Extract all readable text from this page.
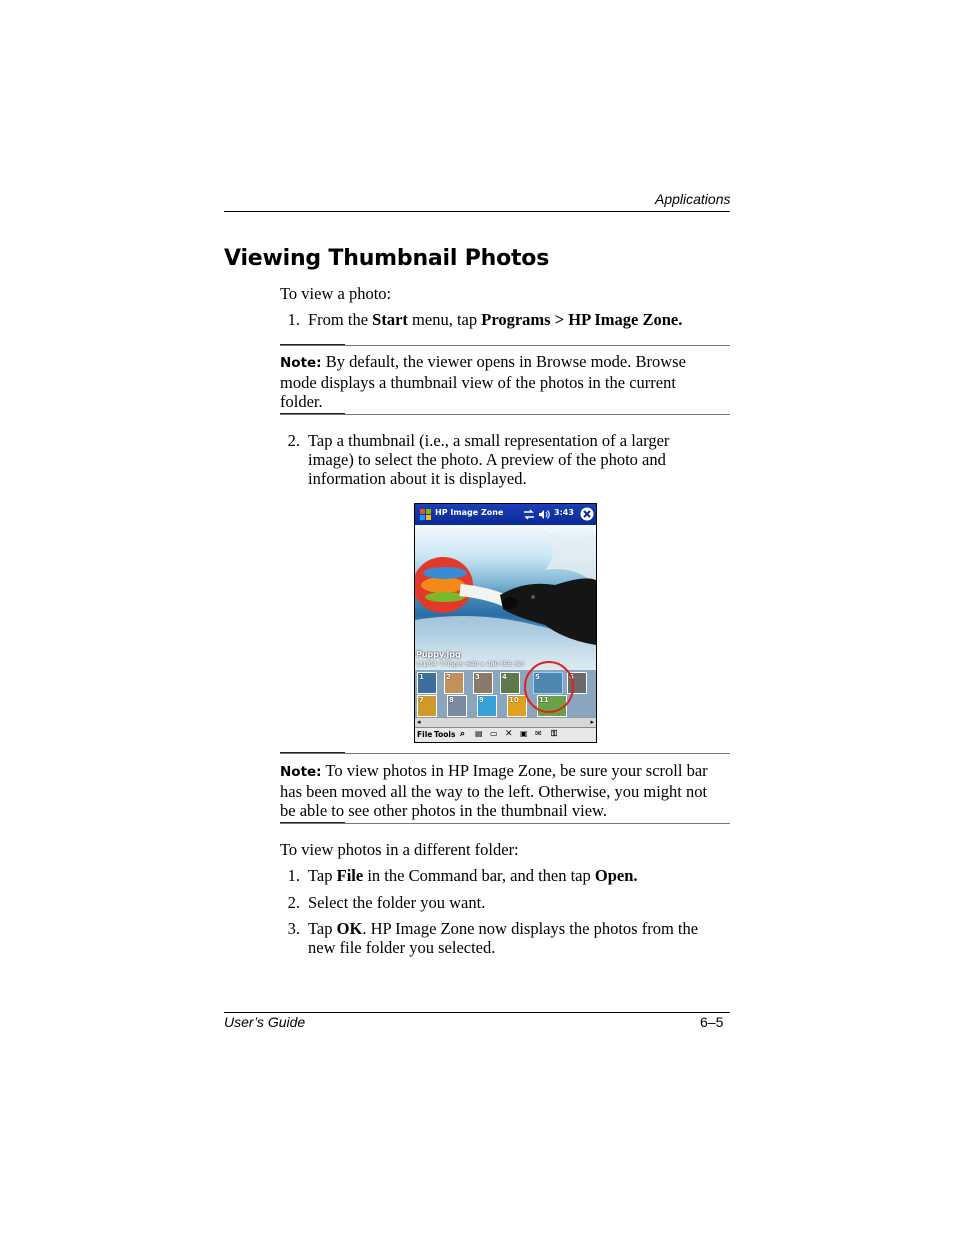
Applications
Viewing Thumbnail Photos
To view a photo:
1. From the Start menu, tap Programs > HP Image Zone.
Note: By default, the viewer opens in Browse mode. Browse
mode displays a thumbnail view of the photos in the current
folder.
2. Tap a thumbnail (i.e., a small representation of a larger
image) to select the photo. A preview of the photo and
information about it is displayed.
HP Image Zone	3:43
Puppy.jpg
1/1/04 7:05pm 640 x 480 (55.3k)
1	2	3	4	5	6
7	8	9	10	11
◂	▸
File Tools ⌕ ▤ ▭ ✕ ▣ ✉ ⚿
Note: To view photos in HP Image Zone, be sure your scroll bar
has been moved all the way to the left. Otherwise, you might not
be able to see other photos in the thumbnail view.
To view photos in a different folder:
1. Tap File in the Command bar, and then tap Open.
2. Select the folder you want.
3. Tap OK. HP Image Zone now displays the photos from the
new file folder you selected.
User’s Guide	6–5
